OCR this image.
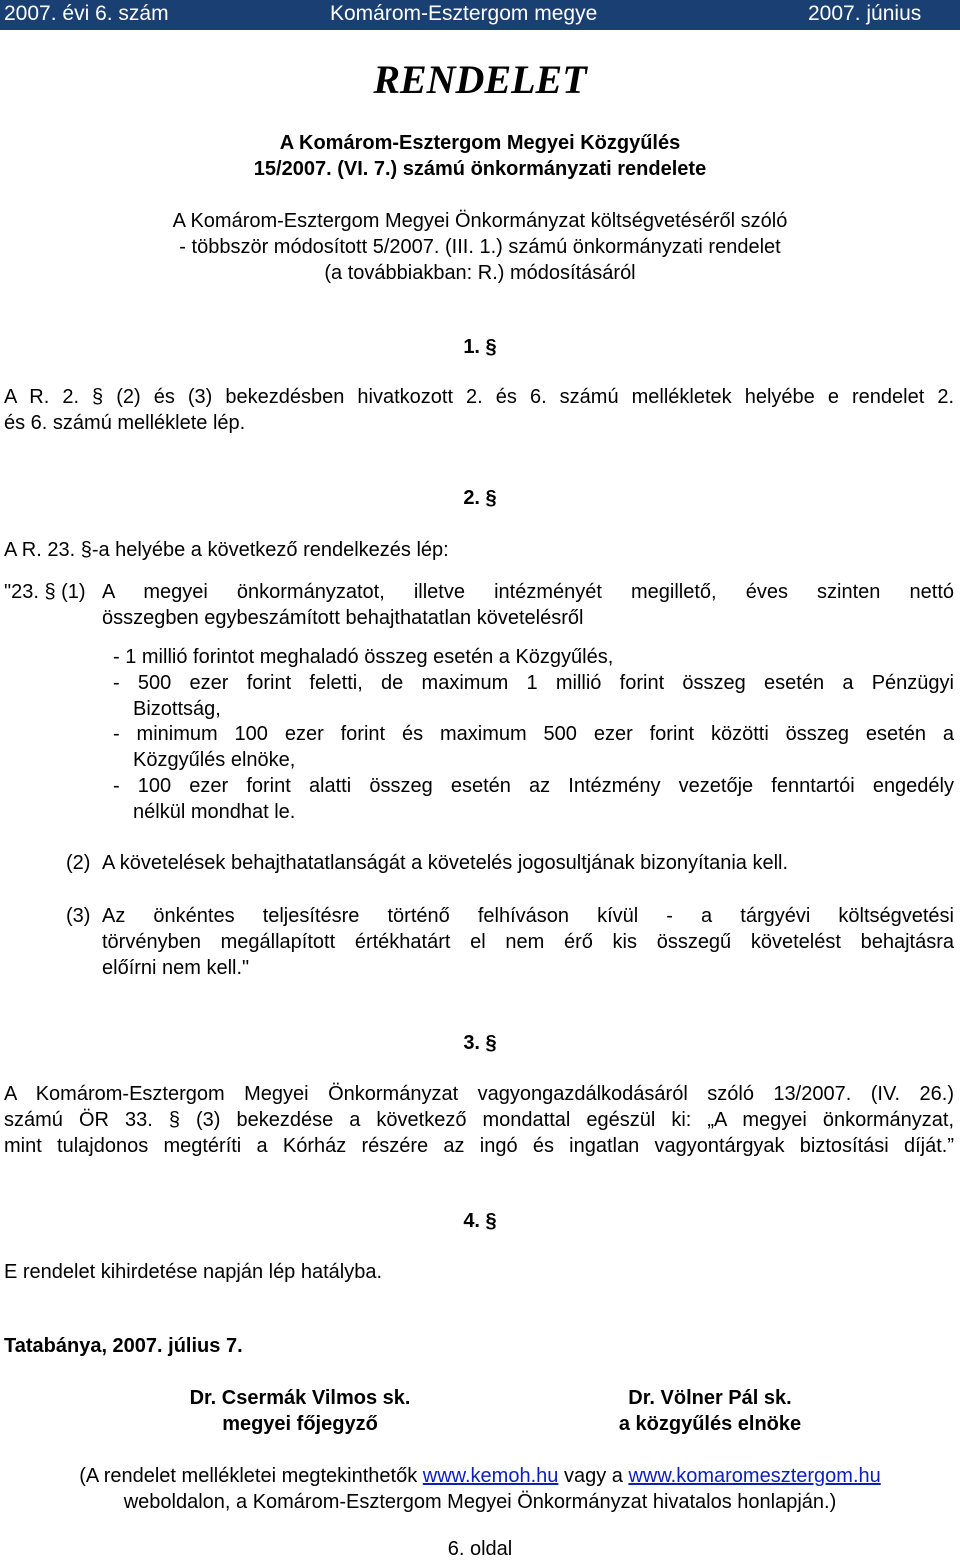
2007. évi 6. szám	Komárom-Esztergom megye	2007. június
RENDELET
A Komárom-Esztergom Megyei Közgyűlés
15/2007. (VI. 7.) számú önkormányzati rendelete
A Komárom-Esztergom Megyei Önkormányzat költségvetéséről szóló
- többször módosított 5/2007. (III. 1.) számú önkormányzati rendelet
(a továbbiakban: R.) módosításáról
1. §
A R. 2. § (2) és (3) bekezdésben hivatkozott 2. és 6. számú mellékletek helyébe e rendelet 2.
és 6. számú melléklete lép.
2. §
A R. 23. §-a helyébe a következő rendelkezés lép:
"23. § (1) A megyei önkormányzatot, illetve intézményét megillető, éves szinten nettó
összegben egybeszámított behajthatatlan követelésről
- 1 millió forintot meghaladó összeg esetén a Közgyűlés,
- 500 ezer forint feletti, de maximum 1 millió forint összeg esetén a Pénzügyi
Bizottság,
- minimum 100 ezer forint és maximum 500 ezer forint közötti összeg esetén a
Közgyűlés elnöke,
- 100 ezer forint alatti összeg esetén az Intézmény vezetője fenntartói engedély
nélkül mondhat le.
(2) A követelések behajthatatlanságát a követelés jogosultjának bizonyítania kell.
(3) Az önkéntes teljesítésre történő felhíváson kívül - a tárgyévi költségvetési
törvényben megállapított értékhatárt el nem érő kis összegű követelést behajtásra
előírni nem kell."
3. §
A Komárom-Esztergom Megyei Önkormányzat vagyongazdálkodásáról szóló 13/2007. (IV. 26.)
számú ÖR 33. § (3) bekezdése a következő mondattal egészül ki: „A megyei önkormányzat,
mint tulajdonos megtéríti a Kórház részére az ingó és ingatlan vagyontárgyak biztosítási díját.”
4. §
E rendelet kihirdetése napján lép hatályba.
Tatabánya, 2007. július 7.
Dr. Csermák Vilmos sk.
megyei főjegyző
Dr. Völner Pál sk.
a közgyűlés elnöke
(A rendelet mellékletei megtekinthetők www.kemoh.hu vagy a www.komaromesztergom.hu
weboldalon, a Komárom-Esztergom Megyei Önkormányzat hivatalos honlapján.)
6. oldal
